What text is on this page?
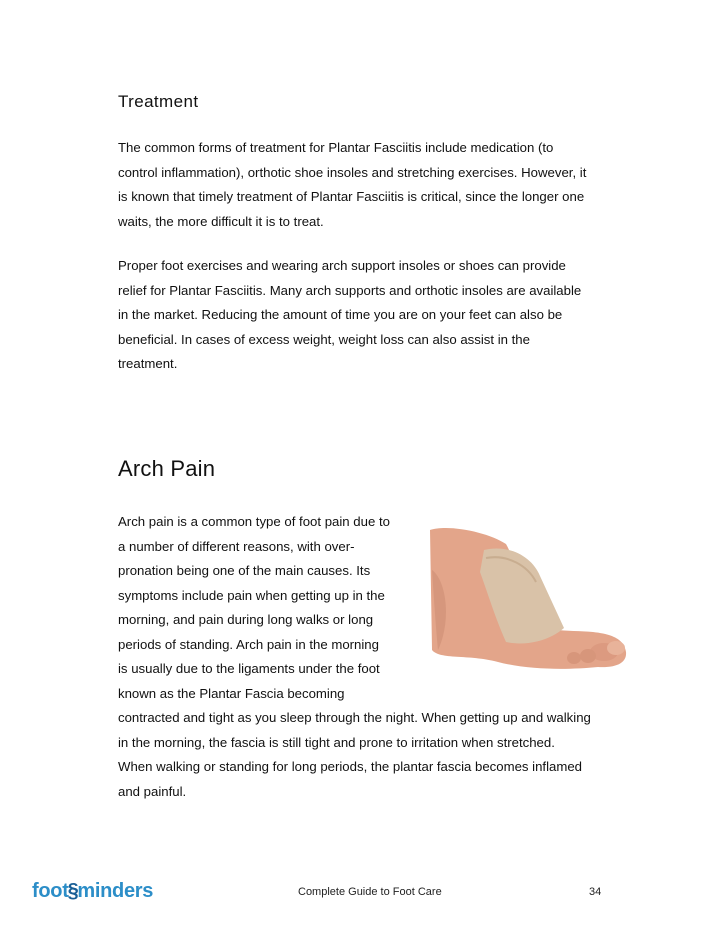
Treatment
The common forms of treatment for Plantar Fasciitis include medication (to
control inflammation), orthotic shoe insoles and stretching exercises. However, it
is known that timely treatment of Plantar Fasciitis is critical, since the longer one
waits, the more difficult it is to treat.
Proper foot exercises and wearing arch support insoles or shoes can provide
relief for Plantar Fasciitis. Many arch supports and orthotic insoles are available
in the market. Reducing the amount of time you are on your feet can also be
beneficial. In cases of excess weight, weight loss can also assist in the
treatment.
Arch Pain
Arch pain is a common type of foot pain due to
a number of different reasons, with over-
pronation being one of the main causes. Its
symptoms include pain when getting up in the
morning, and pain during long walks or long
periods of standing. Arch pain in the morning
is usually due to the ligaments under the foot
known as the Plantar Fascia becoming
contracted and tight as you sleep through the night. When getting up and walking
in the morning, the fascia is still tight and prone to irritation when stretched.
When walking or standing for long periods, the plantar fascia becomes inflamed
and painful.
foot § minders	Complete Guide to Foot Care	34
